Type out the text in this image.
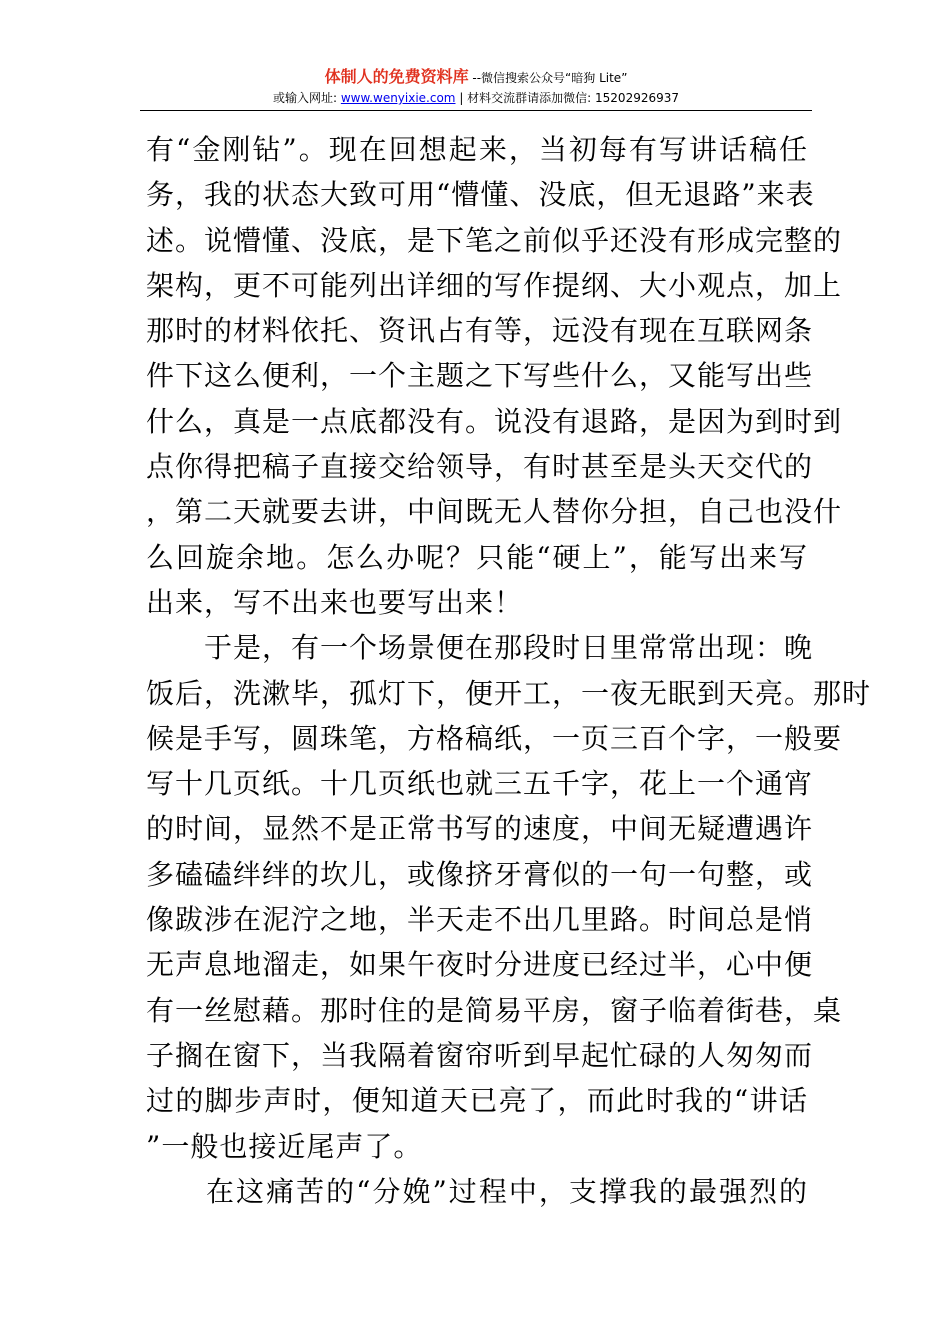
体制人的免费资料库 --微信搜索公众号“暗狗 Lite”
或输入网址: www.wenyixie.com | 材料交流群请添加微信: 15202926937
有“金刚钻”。现在回想起来，当初每有写讲话稿任
务，我的状态大致可用“懵懂、没底，但无退路”来表
述。说懵懂、没底，是下笔之前似乎还没有形成完整的
架构，更不可能列出详细的写作提纲、大小观点，加上
那时的材料依托、资讯占有等，远没有现在互联网条
件下这么便利，一个主题之下写些什么，又能写出些
什么，真是一点底都没有。说没有退路，是因为到时到
点你得把稿子直接交给领导，有时甚至是头天交代的
，第二天就要去讲，中间既无人替你分担，自己也没什
么回旋余地。怎么办呢？只能“硬上”，能写出来写
出来，写不出来也要写出来！
　　于是，有一个场景便在那段时日里常常出现：晚
饭后，洗漱毕，孤灯下，便开工，一夜无眠到天亮。那时
候是手写，圆珠笔，方格稿纸，一页三百个字，一般要
写十几页纸。十几页纸也就三五千字，花上一个通宵
的时间，显然不是正常书写的速度，中间无疑遭遇许
多磕磕绊绊的坎儿，或像挤牙膏似的一句一句整，或
像跋涉在泥泞之地，半天走不出几里路。时间总是悄
无声息地溜走，如果午夜时分进度已经过半，心中便
有一丝慰藉。那时住的是简易平房，窗子临着街巷，桌
子搁在窗下，当我隔着窗帘听到早起忙碌的人匆匆而
过的脚步声时，便知道天已亮了，而此时我的“讲话
”一般也接近尾声了。
　　在这痛苦的“分娩”过程中，支撑我的最强烈的
